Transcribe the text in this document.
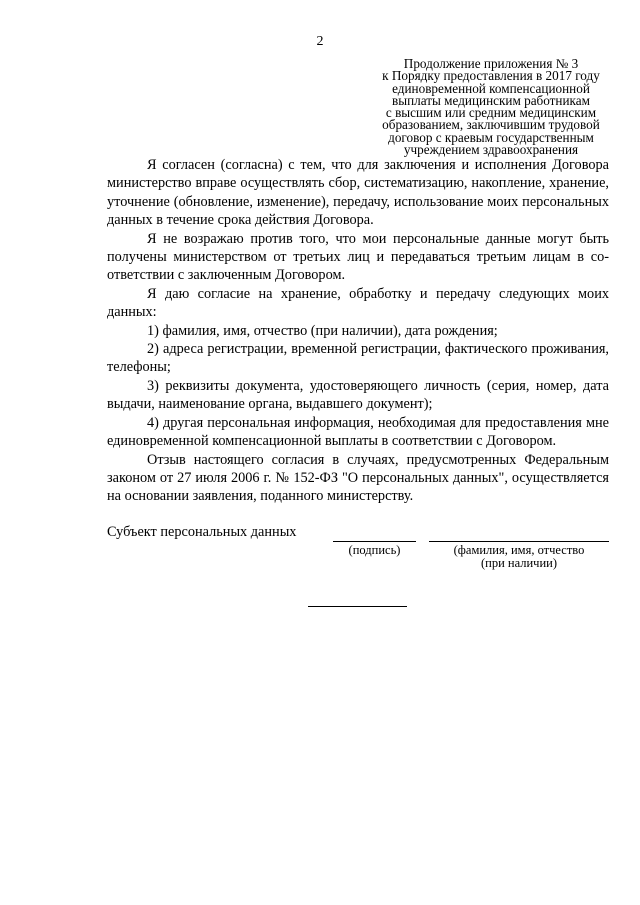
2
Продолжение приложения № 3
к Порядку предоставления в 2017 году
единовременной компенсационной
выплаты медицинским работникам
с высшим или средним медицинским
образованием, заключившим трудовой
договор с краевым государственным
учреждением здравоохранения

Я согласен (согласна) с тем, что для заключения и исполнения Договора министерство вправе осуществлять сбор, систематизацию, накопление, хранение, уточнение (обновление, изменение), передачу, использование моих персональных данных в течение срока действия Договора.

Я не возражаю против того, что мои персональные данные могут быть получены министерством от третьих лиц и передаваться третьим лицам в соответствии с заключенным Договором.

Я даю согласие на хранение, обработку и передачу следующих моих данных:

1) фамилия, имя, отчество (при наличии), дата рождения;

2) адреса регистрации, временной регистрации, фактического проживания, телефоны;

3) реквизиты документа, удостоверяющего личность (серия, номер, дата выдачи, наименование органа, выдавшего документ);

4) другая персональная информация, необходимая для предоставления мне единовременной компенсационной выплаты в соответствии с Договором.

Отзыв настоящего согласия в случаях, предусмотренных Федеральным законом от 27 июля 2006 г. № 152-ФЗ "О персональных данных", осуществляется на основании заявления, поданного министерству.

Субъект персональных данных
(подпись)	(фамилия, имя, отчество
(при наличии)
